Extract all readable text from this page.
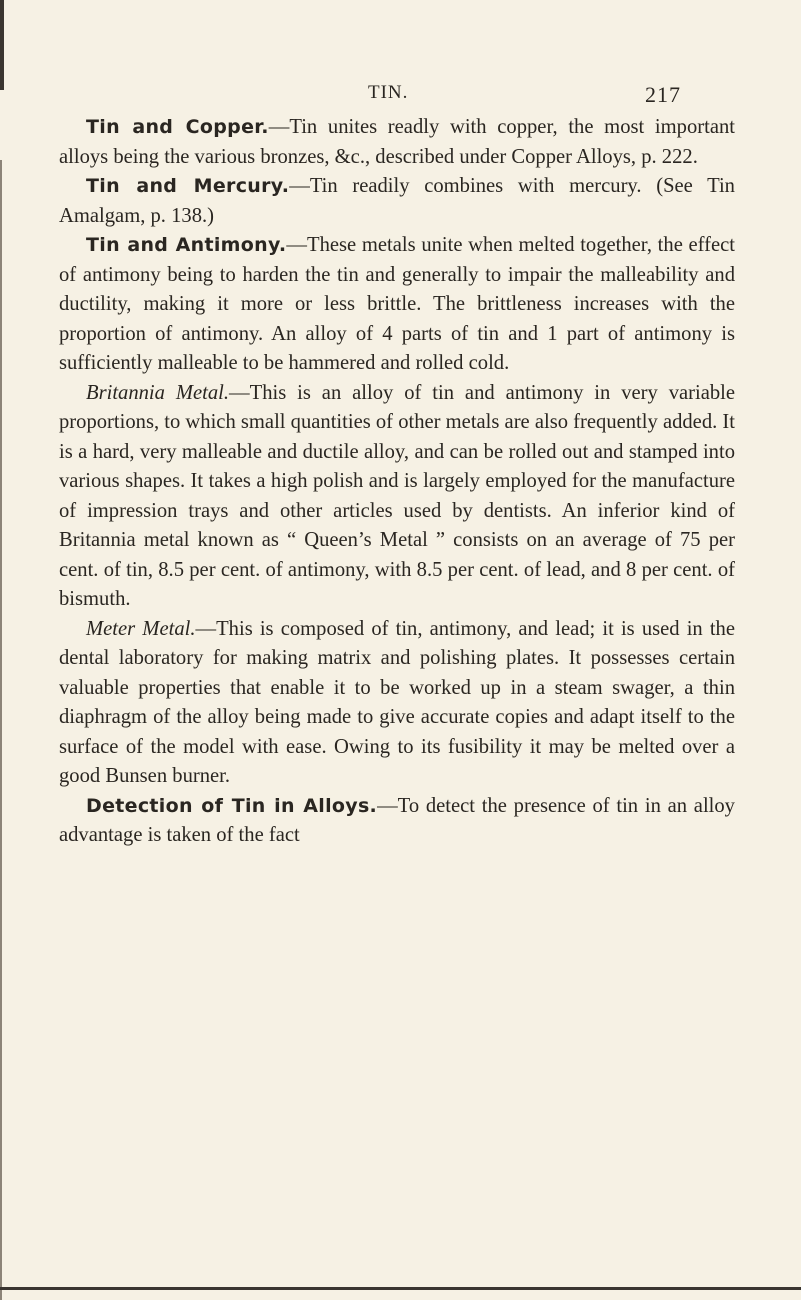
TIN.	217

Tin and Copper.—Tin unites readly with copper, the most important alloys being the various bronzes, &c., described under Copper Alloys, p. 222.

Tin and Mercury.—Tin readily combines with mercury. (See Tin Amalgam, p. 138.)

Tin and Antimony.—These metals unite when melted together, the effect of antimony being to harden the tin and generally to impair the malleability and ductility, making it more or less brittle. The brittleness increases with the proportion of antimony. An alloy of 4 parts of tin and 1 part of antimony is sufficiently malleable to be hammered and rolled cold.

Britannia Metal.—This is an alloy of tin and antimony in very variable proportions, to which small quantities of other metals are also frequently added. It is a hard, very malleable and ductile alloy, and can be rolled out and stamped into various shapes. It takes a high polish and is largely employed for the manufacture of impression trays and other articles used by dentists. An inferior kind of Britannia metal known as “ Queen’s Metal ” consists on an average of 75 per cent. of tin, 8.5 per cent. of antimony, with 8.5 per cent. of lead, and 8 per cent. of bismuth.

Meter Metal.—This is composed of tin, antimony, and lead; it is used in the dental laboratory for making matrix and polishing plates. It possesses certain valuable properties that enable it to be worked up in a steam swager, a thin diaphragm of the alloy being made to give accurate copies and adapt itself to the surface of the model with ease. Owing to its fusibility it may be melted over a good Bunsen burner.

Detection of Tin in Alloys.—To detect the presence of tin in an alloy advantage is taken of the fact
